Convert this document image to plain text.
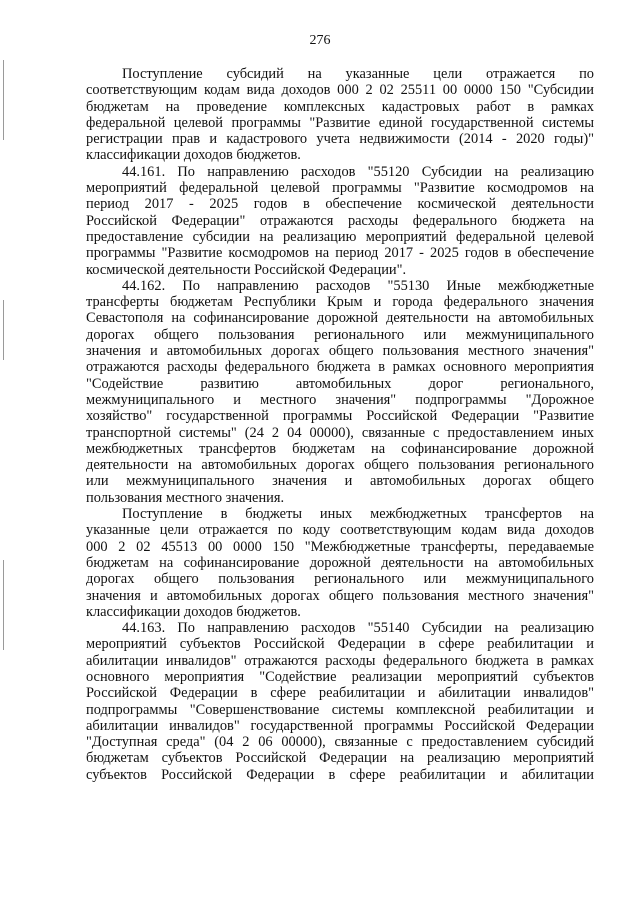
276
Поступление субсидий на указанные цели отражается по
соответствующим кодам вида доходов 000 2 02 25511 00 0000 150 "Субсидии
бюджетам на проведение комплексных кадастровых работ в рамках
федеральной целевой программы "Развитие единой государственной системы
регистрации прав и кадастрового учета недвижимости (2014 - 2020 годы)"
классификации доходов бюджетов.
44.161. По направлению расходов "55120 Субсидии на реализацию
мероприятий федеральной целевой программы "Развитие космодромов на
период 2017 - 2025 годов в обеспечение космической деятельности
Российской Федерации" отражаются расходы федерального бюджета на
предоставление субсидии на реализацию мероприятий федеральной целевой
программы "Развитие космодромов на период 2017 - 2025 годов в обеспечение
космической деятельности Российской Федерации".
44.162. По направлению расходов "55130 Иные межбюджетные
трансферты бюджетам Республики Крым и города федерального значения
Севастополя на софинансирование дорожной деятельности на автомобильных
дорогах общего пользования регионального или межмуниципального
значения и автомобильных дорогах общего пользования местного значения"
отражаются расходы федерального бюджета в рамках основного мероприятия
"Содействие развитию автомобильных дорог регионального,
межмуниципального и местного значения" подпрограммы "Дорожное
хозяйство" государственной программы Российской Федерации "Развитие
транспортной системы" (24 2 04 00000), связанные с предоставлением иных
межбюджетных трансфертов бюджетам на софинансирование дорожной
деятельности на автомобильных дорогах общего пользования регионального
или межмуниципального значения и автомобильных дорогах общего
пользования местного значения.
Поступление в бюджеты иных межбюджетных трансфертов на
указанные цели отражается по коду соответствующим кодам вида доходов
000 2 02 45513 00 0000 150 "Межбюджетные трансферты, передаваемые
бюджетам на софинансирование дорожной деятельности на автомобильных
дорогах общего пользования регионального или межмуниципального
значения и автомобильных дорогах общего пользования местного значения"
классификации доходов бюджетов.
44.163. По направлению расходов "55140 Субсидии на реализацию
мероприятий субъектов Российской Федерации в сфере реабилитации и
абилитации инвалидов" отражаются расходы федерального бюджета в рамках
основного мероприятия "Содействие реализации мероприятий субъектов
Российской Федерации в сфере реабилитации и абилитации инвалидов"
подпрограммы "Совершенствование системы комплексной реабилитации и
абилитации инвалидов" государственной программы Российской Федерации
"Доступная среда" (04 2 06 00000), связанные с предоставлением субсидий
бюджетам субъектов Российской Федерации на реализацию мероприятий
субъектов Российской Федерации в сфере реабилитации и абилитации
